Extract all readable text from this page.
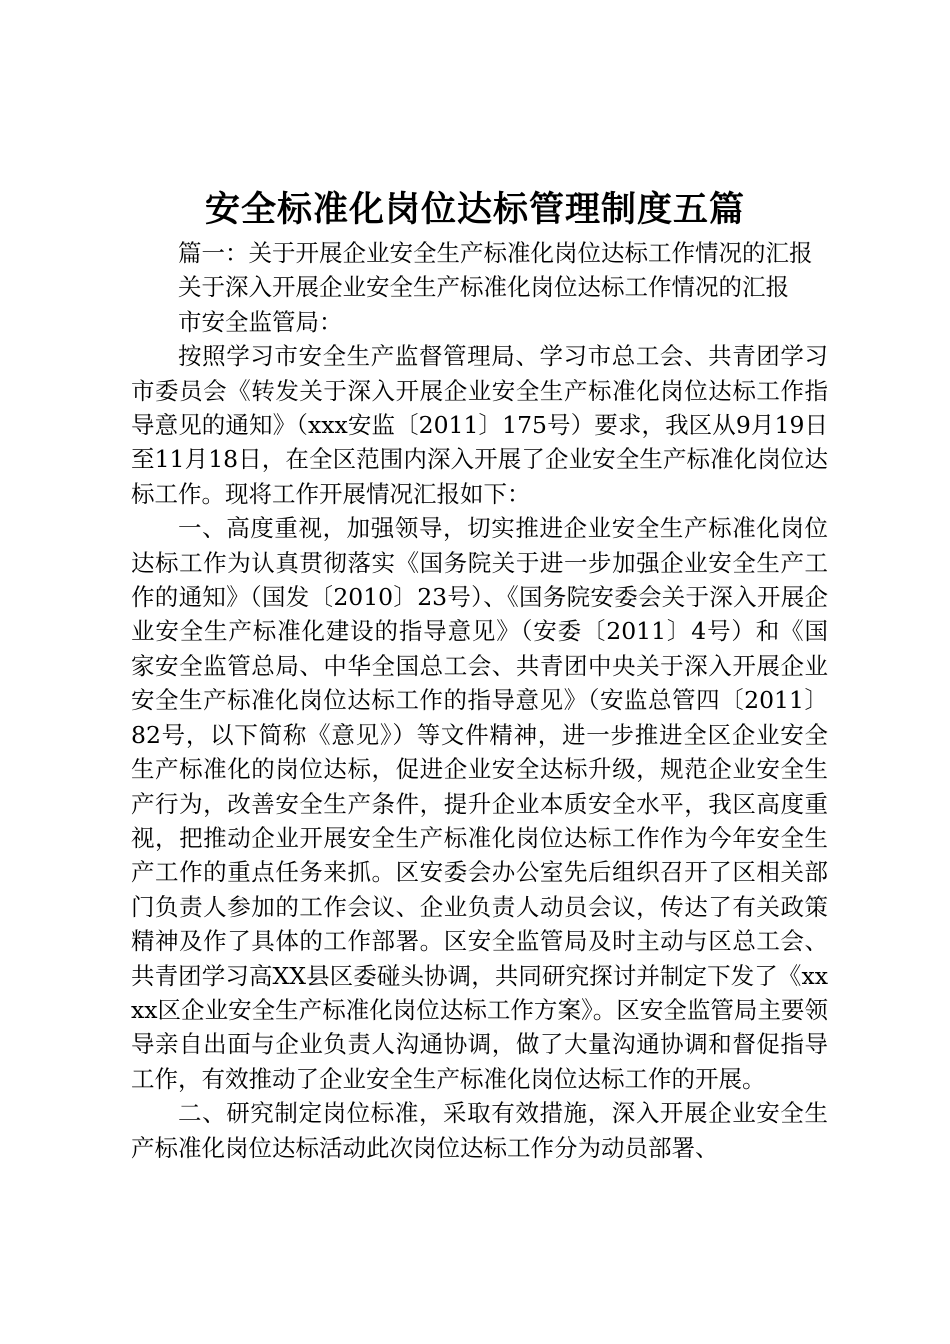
安全标准化岗位达标管理制度五篇

篇一：关于开展企业安全生产标准化岗位达标工作情况的汇报

关于深入开展企业安全生产标准化岗位达标工作情况的汇报

市安全监管局：

按照学习市安全生产监督管理局、学习市总工会、共青团学习市委员会《转发关于深入开展企业安全生产标准化岗位达标工作指导意见的通知》（xxx安监〔2011〕175号）要求，我区从9月19日至11月18日，在全区范围内深入开展了企业安全生产标准化岗位达标工作。现将工作开展情况汇报如下：

一、高度重视，加强领导，切实推进企业安全生产标准化岗位达标工作为认真贯彻落实《国务院关于进一步加强企业安全生产工作的通知》（国发〔2010〕23号）、《国务院安委会关于深入开展企业安全生产标准化建设的指导意见》（安委〔2011〕4号）和《国家安全监管总局、中华全国总工会、共青团中央关于深入开展企业安全生产标准化岗位达标工作的指导意见》（安监总管四〔2011〕82号，以下简称《意见》）等文件精神，进一步推进全区企业安全生产标准化的岗位达标，促进企业安全达标升级，规范企业安全生产行为，改善安全生产条件，提升企业本质安全水平，我区高度重视，把推动企业开展安全生产标准化岗位达标工作作为今年安全生产工作的重点任务来抓。区安委会办公室先后组织召开了区相关部门负责人参加的工作会议、企业负责人动员会议，传达了有关政策精神及作了具体的工作部署。区安全监管局及时主动与区总工会、共青团学习高XX县区委碰头协调，共同研究探讨并制定下发了《xxxx区企业安全生产标准化岗位达标工作方案》。区安全监管局主要领导亲自出面与企业负责人沟通协调，做了大量沟通协调和督促指导工作，有效推动了企业安全生产标准化岗位达标工作的开展。

二、研究制定岗位标准，采取有效措施，深入开展企业安全生产标准化岗位达标活动此次岗位达标工作分为动员部署、
